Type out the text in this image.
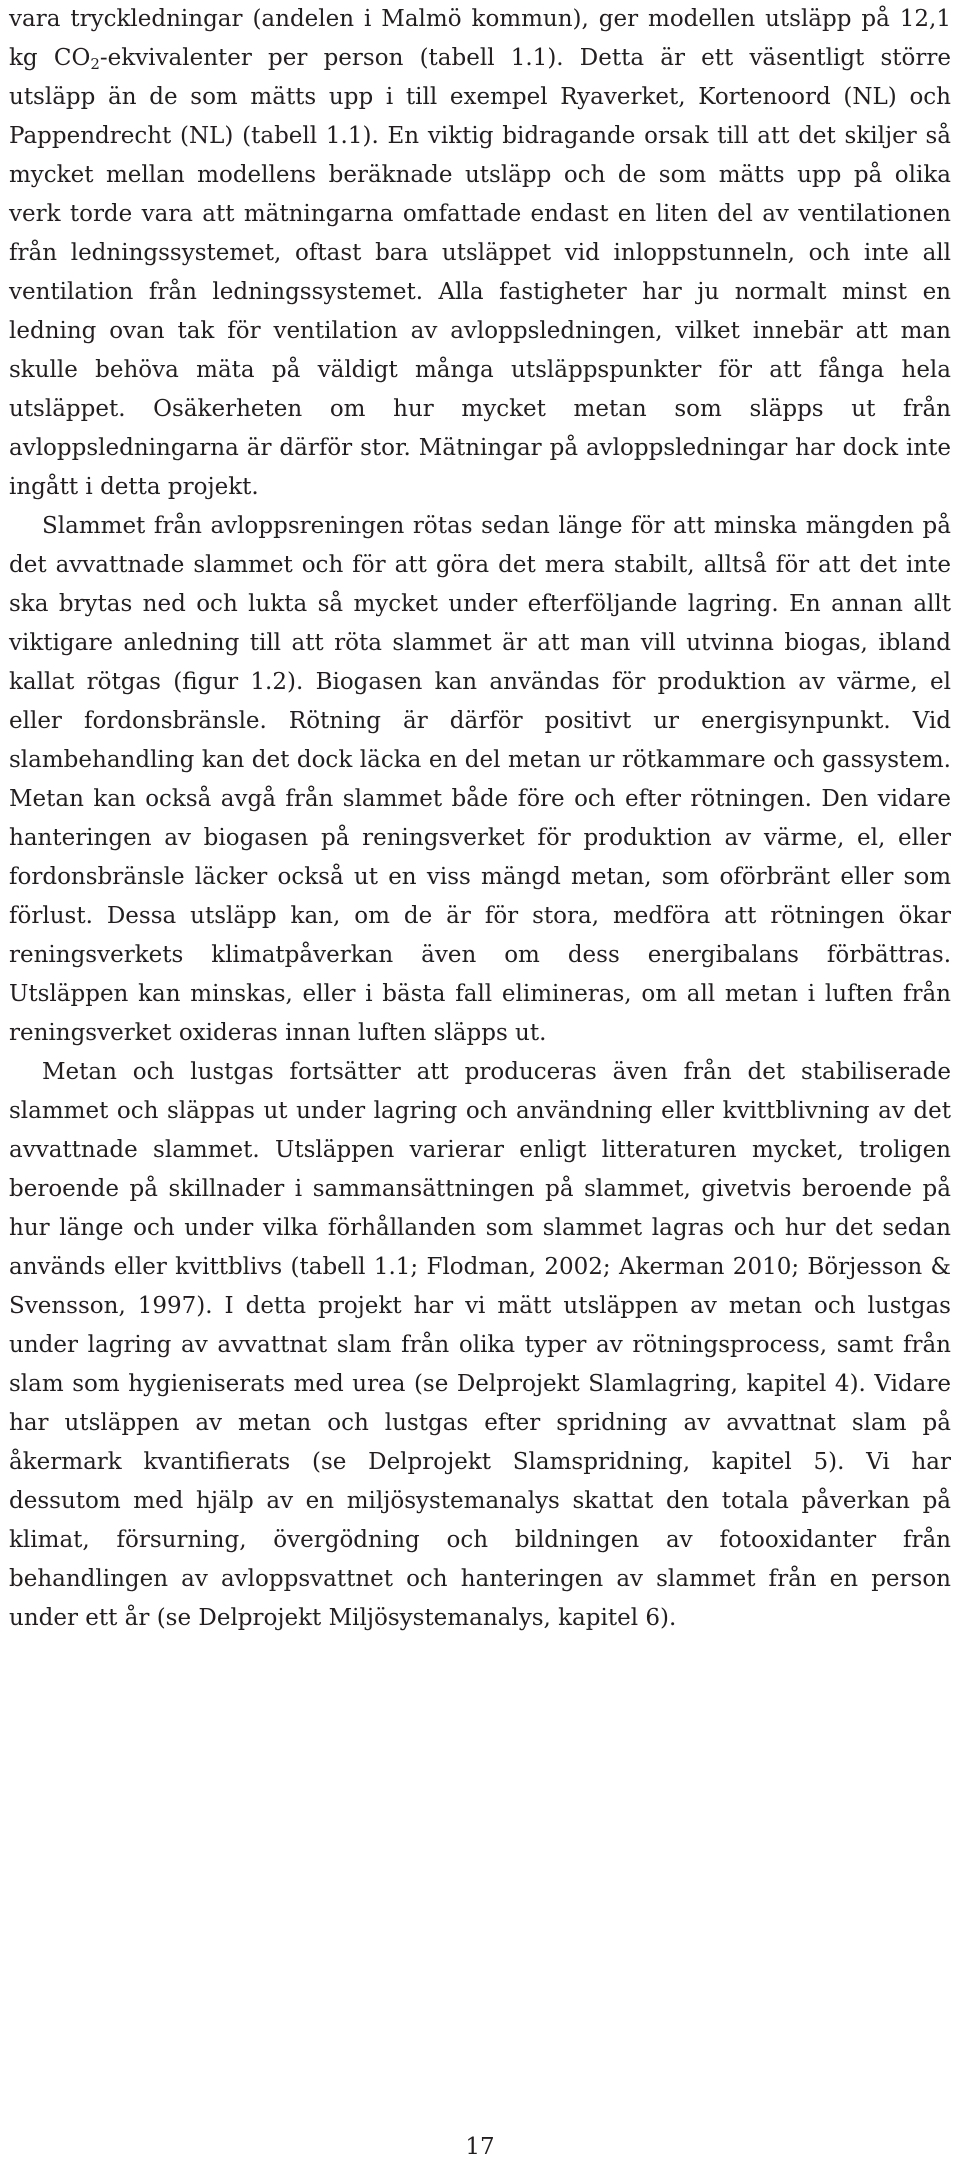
vara tryckledningar (andelen i Malmö kommun), ger modellen utsläpp på 12,1 kg $CO_2$-ekvivalenter per person (tabell 1.1). Detta är ett väsentligt större utsläpp än de som mätts upp i till exempel Ryaverket, Kortenoord (NL) och Pappendrecht (NL) (tabell 1.1). En viktig bidragande orsak till att det skiljer så mycket mellan modellens beräknade utsläpp och de som mätts upp på olika verk torde vara att mätningarna omfattade endast en liten del av ventilationen från ledningssystemet, oftast bara utsläppet vid inloppstunneln, och inte all ventilation från ledningssystemet. Alla fastigheter har ju normalt minst en ledning ovan tak för ventilation av avloppsledningen, vilket innebär att man skulle behöva mäta på väldigt många utsläppspunkter för att fånga hela utsläppet. Osäkerheten om hur mycket metan som släpps ut från avloppsledningarna är därför stor. Mätningar på avloppsledningar har dock inte ingått i detta projekt.

Slammet från avloppsreningen rötas sedan länge för att minska mängden på det avvattnade slammet och för att göra det mera stabilt, alltså för att det inte ska brytas ned och lukta så mycket under efterföljande lagring. En annan allt viktigare anledning till att röta slammet är att man vill utvinna biogas, ibland kallat rötgas (figur 1.2). Biogasen kan användas för produktion av värme, el eller fordonsbränsle. Rötning är därför positivt ur energisynpunkt. Vid slambehandling kan det dock läcka en del metan ur rötkammare och gassystem. Metan kan också avgå från slammet både före och efter rötningen. Den vidare hanteringen av biogasen på reningsverket för produktion av värme, el, eller fordonsbränsle läcker också ut en viss mängd metan, som oförbränt eller som förlust. Dessa utsläpp kan, om de är för stora, medföra att rötningen ökar reningsverkets klimatpåverkan även om dess energibalans förbättras. Utsläppen kan minskas, eller i bästa fall elimineras, om all metan i luften från reningsverket oxideras innan luften släpps ut.

Metan och lustgas fortsätter att produceras även från det stabiliserade slammet och släppas ut under lagring och användning eller kvittblivning av det avvattnade slammet. Utsläppen varierar enligt litteraturen mycket, troligen beroende på skillnader i sammansättningen på slammet, givetvis beroende på hur länge och under vilka förhållanden som slammet lagras och hur det sedan används eller kvittblivs (tabell 1.1; Flodman, 2002; Akerman 2010; Börjesson & Svensson, 1997). I detta projekt har vi mätt utsläppen av metan och lustgas under lagring av avvattnat slam från olika typer av rötningsprocess, samt från slam som hygieniserats med urea (se Delprojekt Slamlagring, kapitel 4). Vidare har utsläppen av metan och lustgas efter spridning av avvattnat slam på åkermark kvantifierats (se Delprojekt Slamspridning, kapitel 5). Vi har dessutom med hjälp av en miljösystemanalys skattat den totala påverkan på klimat, försurning, övergödning och bildningen av fotooxidanter från behandlingen av avloppsvattnet och hanteringen av slammet från en person under ett år (se Delprojekt Miljösystemanalys, kapitel 6).

17
